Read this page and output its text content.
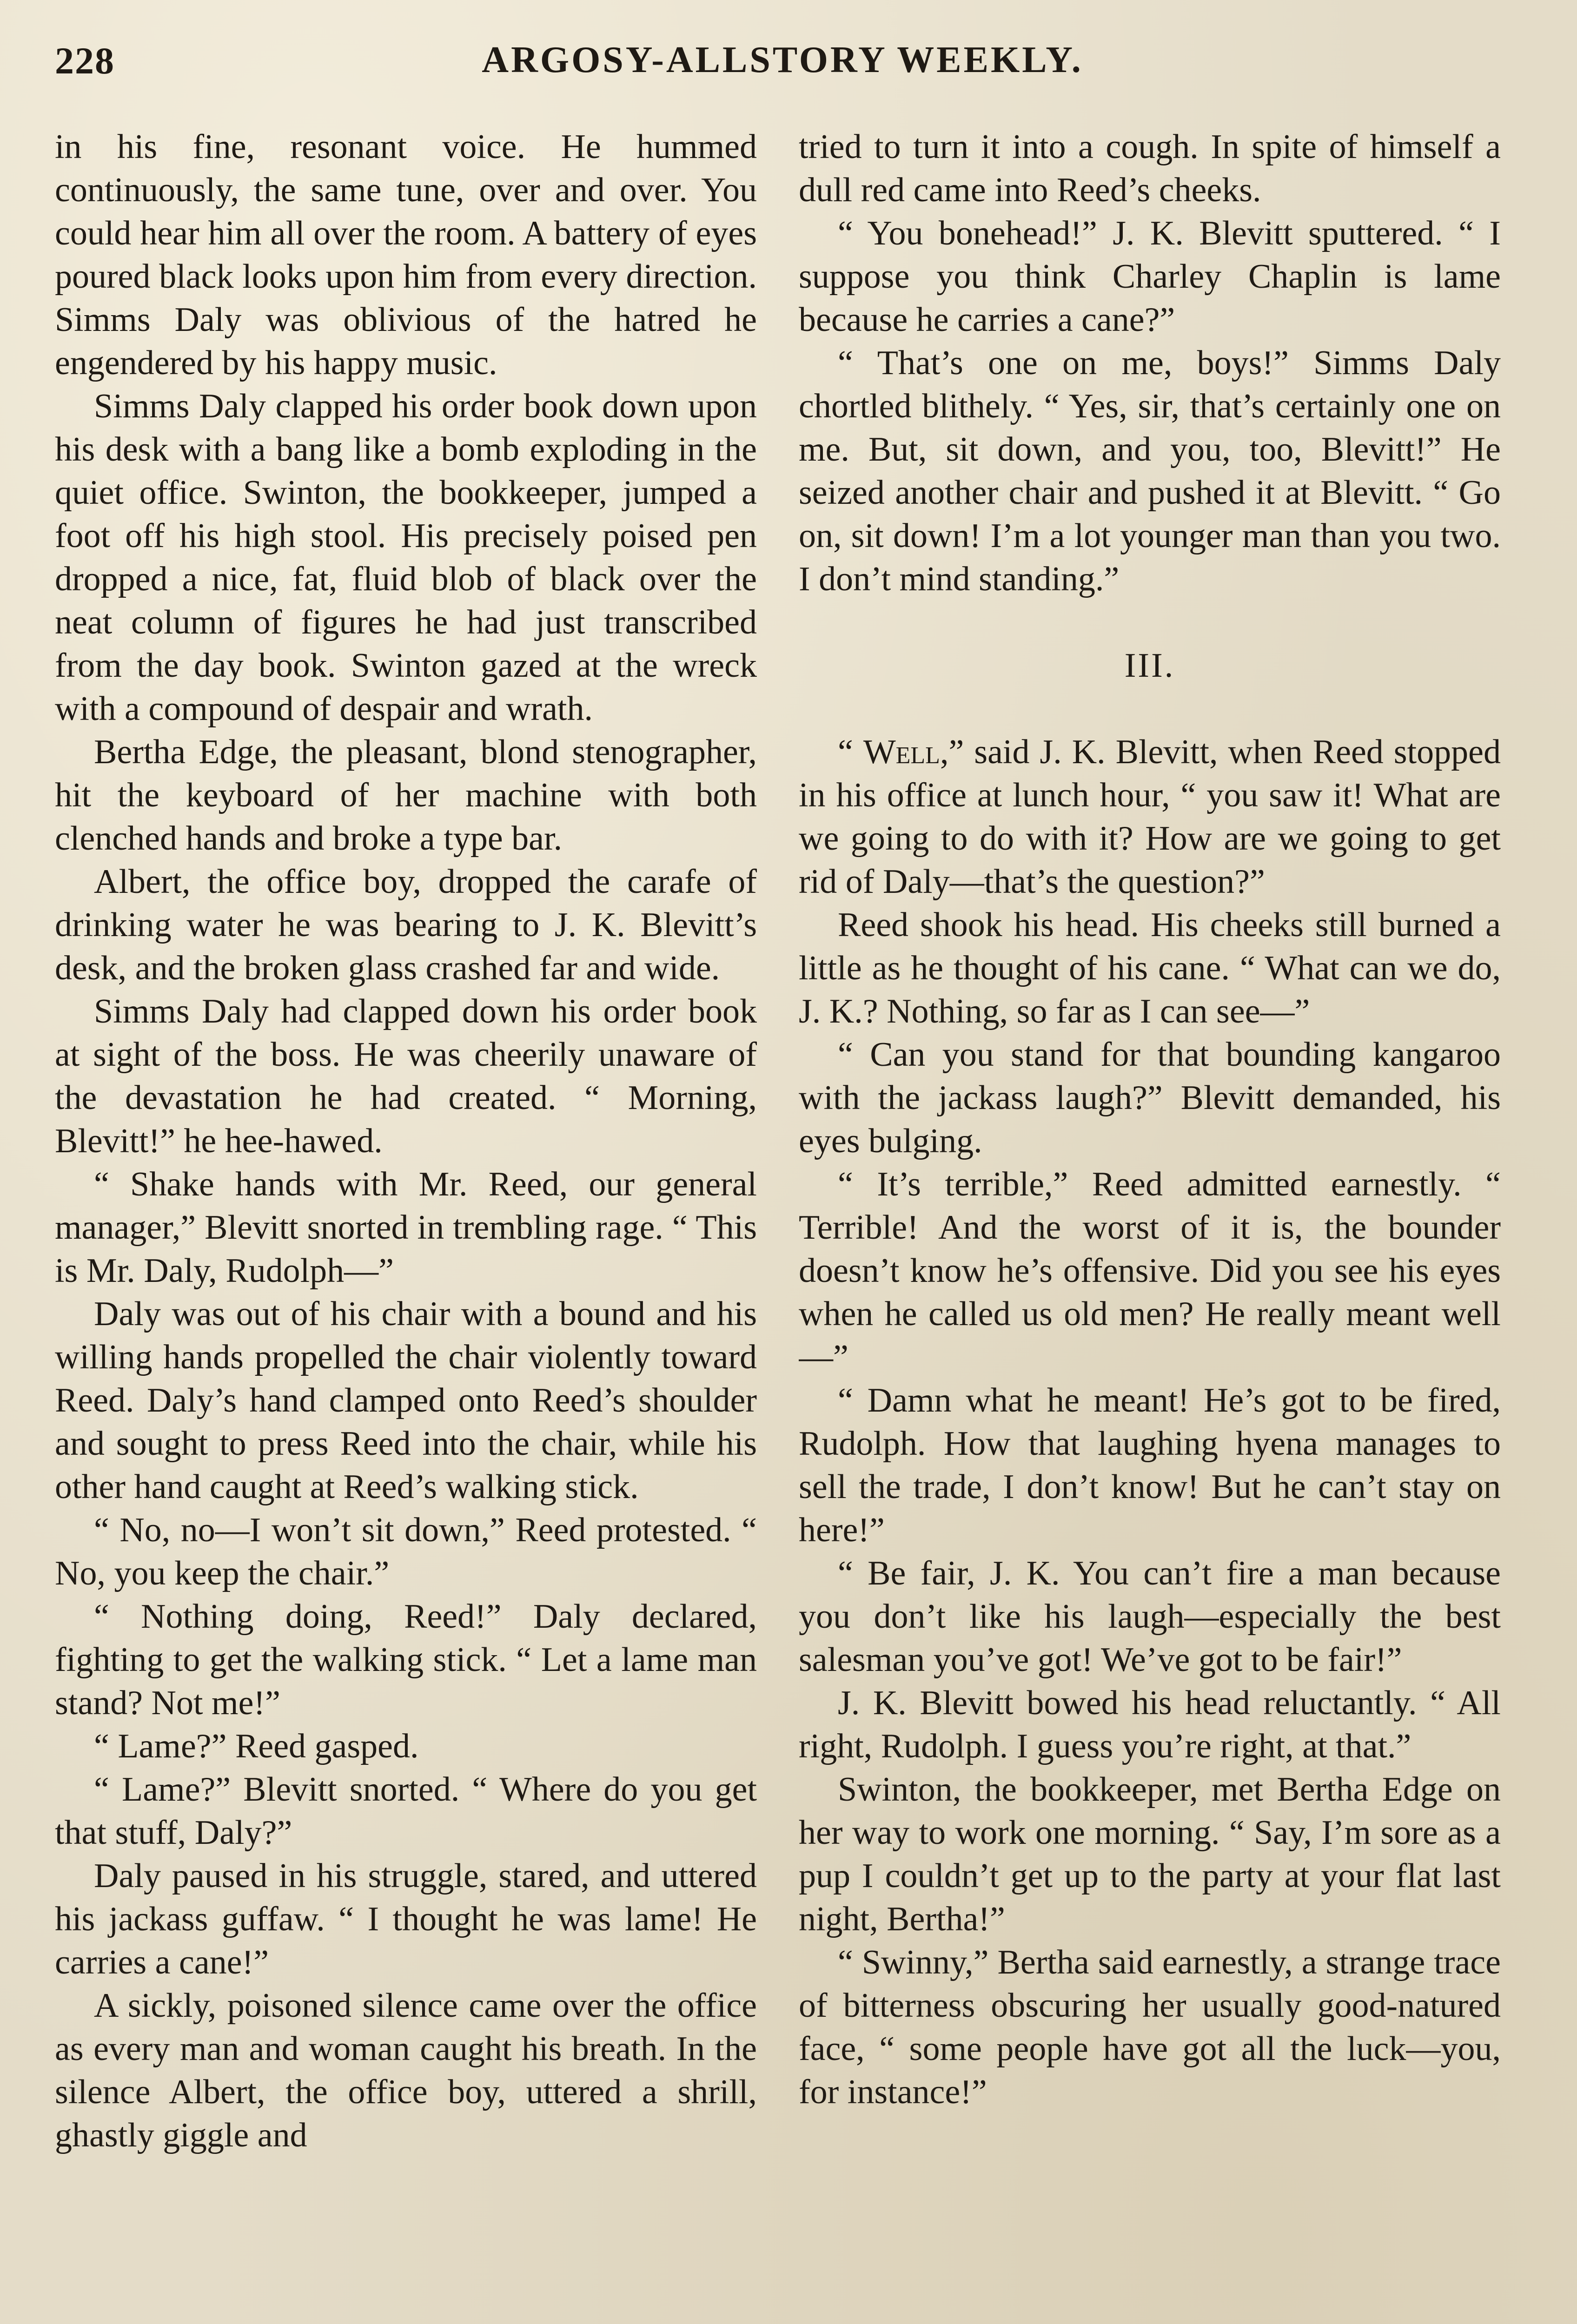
228	ARGOSY-ALLSTORY WEEKLY.

in his fine, resonant voice. He hummed continuously, the same tune, over and over. You could hear him all over the room. A battery of eyes poured black looks upon him from every direction. Simms Daly was oblivious of the hatred he engendered by his happy music.

Simms Daly clapped his order book down upon his desk with a bang like a bomb exploding in the quiet office. Swinton, the bookkeeper, jumped a foot off his high stool. His precisely poised pen dropped a nice, fat, fluid blob of black over the neat column of figures he had just transcribed from the day book. Swinton gazed at the wreck with a compound of despair and wrath.

Bertha Edge, the pleasant, blond stenographer, hit the keyboard of her machine with both clenched hands and broke a type bar.

Albert, the office boy, dropped the carafe of drinking water he was bearing to J. K. Blevitt’s desk, and the broken glass crashed far and wide.

Simms Daly had clapped down his order book at sight of the boss. He was cheerily unaware of the devastation he had created. “ Morning, Blevitt!” he hee-hawed.

“ Shake hands with Mr. Reed, our general manager,” Blevitt snorted in trembling rage. “ This is Mr. Daly, Rudolph—”

Daly was out of his chair with a bound and his willing hands propelled the chair violently toward Reed. Daly’s hand clamped onto Reed’s shoulder and sought to press Reed into the chair, while his other hand caught at Reed’s walking stick.

“ No, no—I won’t sit down,” Reed protested. “ No, you keep the chair.”

“ Nothing doing, Reed!” Daly declared, fighting to get the walking stick. “ Let a lame man stand? Not me!”

“ Lame?” Reed gasped.

“ Lame?” Blevitt snorted. “ Where do you get that stuff, Daly?”

Daly paused in his struggle, stared, and uttered his jackass guffaw. “ I thought he was lame! He carries a cane!”

A sickly, poisoned silence came over the office as every man and woman caught his breath. In the silence Albert, the office boy, uttered a shrill, ghastly giggle and

tried to turn it into a cough. In spite of himself a dull red came into Reed’s cheeks.

“ You bonehead!” J. K. Blevitt sputtered. “ I suppose you think Charley Chaplin is lame because he carries a cane?”

“ That’s one on me, boys!” Simms Daly chortled blithely. “ Yes, sir, that’s certainly one on me. But, sit down, and you, too, Blevitt!” He seized another chair and pushed it at Blevitt. “ Go on, sit down! I’m a lot younger man than you two. I don’t mind standing.”

III.

“ Well,” said J. K. Blevitt, when Reed stopped in his office at lunch hour, “ you saw it! What are we going to do with it? How are we going to get rid of Daly—that’s the question?”

Reed shook his head. His cheeks still burned a little as he thought of his cane. “ What can we do, J. K.? Nothing, so far as I can see—”

“ Can you stand for that bounding kangaroo with the jackass laugh?” Blevitt demanded, his eyes bulging.

“ It’s terrible,” Reed admitted earnestly. “ Terrible! And the worst of it is, the bounder doesn’t know he’s offensive. Did you see his eyes when he called us old men? He really meant well—”

“ Damn what he meant! He’s got to be fired, Rudolph. How that laughing hyena manages to sell the trade, I don’t know! But he can’t stay on here!”

“ Be fair, J. K. You can’t fire a man because you don’t like his laugh—especially the best salesman you’ve got! We’ve got to be fair!”

J. K. Blevitt bowed his head reluctantly. “ All right, Rudolph. I guess you’re right, at that.”

Swinton, the bookkeeper, met Bertha Edge on her way to work one morning. “ Say, I’m sore as a pup I couldn’t get up to the party at your flat last night, Bertha!”

“ Swinny,” Bertha said earnestly, a strange trace of bitterness obscuring her usually good-natured face, “ some people have got all the luck—you, for instance!”
